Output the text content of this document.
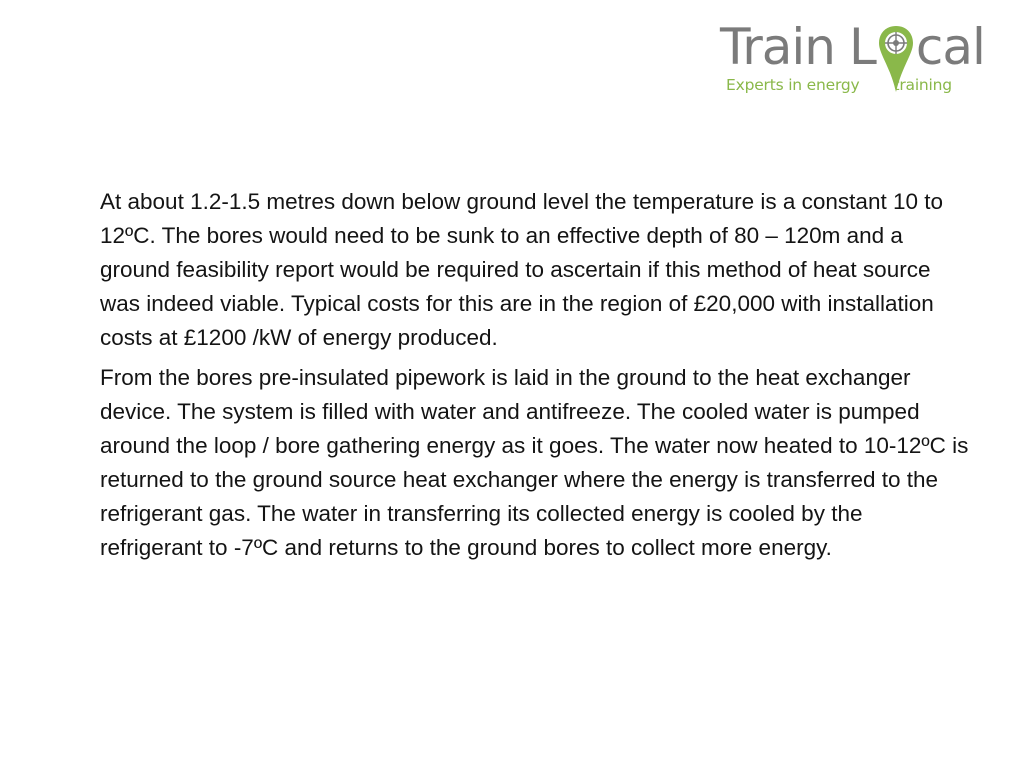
Train L cal
Experts in energy training

At about 1.2-1.5 metres down below ground level the temperature is a constant 10 to 12ºC. The bores would need to be sunk to an effective depth of 80 – 120m and a ground feasibility report would be required to ascertain if this method of heat source was indeed viable. Typical costs for this are in the region of £20,000 with installation costs at £1200 /kW of energy produced.

From the bores pre-insulated pipework is laid in the ground to the heat exchanger device. The system is filled with water and antifreeze. The cooled water is pumped around the loop / bore gathering energy as it goes. The water now heated to 10-12ºC is returned to the ground source heat exchanger where the energy is transferred to the refrigerant gas. The water in transferring its collected energy is cooled by the refrigerant to -7ºC and returns to the ground bores to collect more energy.
